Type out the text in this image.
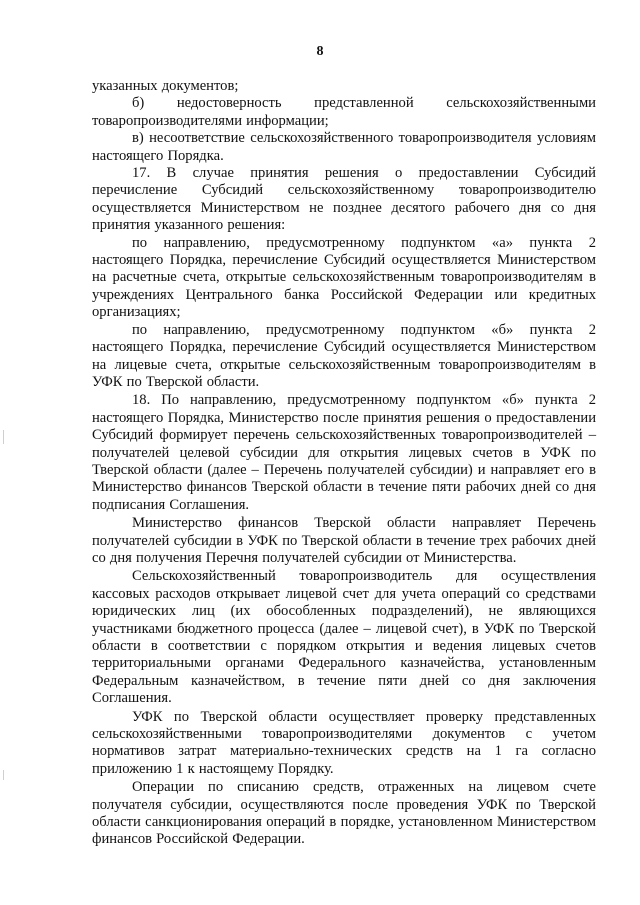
8

указанных документов;

б) недостоверность представленной сельскохозяйственными товаропроизводителями информации;

в) несоответствие сельскохозяйственного товаропроизводителя условиям настоящего Порядка.

17. В случае принятия решения о предоставлении Субсидий перечисление Субсидий сельскохозяйственному товаропроизводителю осуществляется Министерством не позднее десятого рабочего дня со дня принятия указанного решения:

по направлению, предусмотренному подпунктом «а» пункта 2 настоящего Порядка, перечисление Субсидий осуществляется Министерством на расчетные счета, открытые сельскохозяйственным товаропроизводителям в учреждениях Центрального банка Российской Федерации или кредитных организациях;

по направлению, предусмотренному подпунктом «б» пункта 2 настоящего Порядка, перечисление Субсидий осуществляется Министерством на лицевые счета, открытые сельскохозяйственным товаропроизводителям в УФК по Тверской области.

18. По направлению, предусмотренному подпунктом «б» пункта 2 настоящего Порядка, Министерство после принятия решения о предоставлении Субсидий формирует перечень сельскохозяйственных товаропроизводителей – получателей целевой субсидии для открытия лицевых счетов в УФК по Тверской области (далее – Перечень получателей субсидии) и направляет его в Министерство финансов Тверской области в течение пяти рабочих дней со дня подписания Соглашения.

Министерство финансов Тверской области направляет Перечень получателей субсидии в УФК по Тверской области в течение трех рабочих дней со дня получения Перечня получателей субсидии от Министерства.

Сельскохозяйственный товаропроизводитель для осуществления кассовых расходов открывает лицевой счет для учета операций со средствами юридических лиц (их обособленных подразделений), не являющихся участниками бюджетного процесса (далее – лицевой счет), в УФК по Тверской области в соответствии с порядком открытия и ведения лицевых счетов территориальными органами Федерального казначейства, установленным Федеральным казначейством, в течение пяти дней со дня заключения Соглашения.

УФК по Тверской области осуществляет проверку представленных сельскохозяйственными товаропроизводителями документов с учетом нормативов затрат материально-технических средств на 1 га согласно приложению 1 к настоящему Порядку.

Операции по списанию средств, отраженных на лицевом счете получателя субсидии, осуществляются после проведения УФК по Тверской области санкционирования операций в порядке, установленном Министерством финансов Российской Федерации.
